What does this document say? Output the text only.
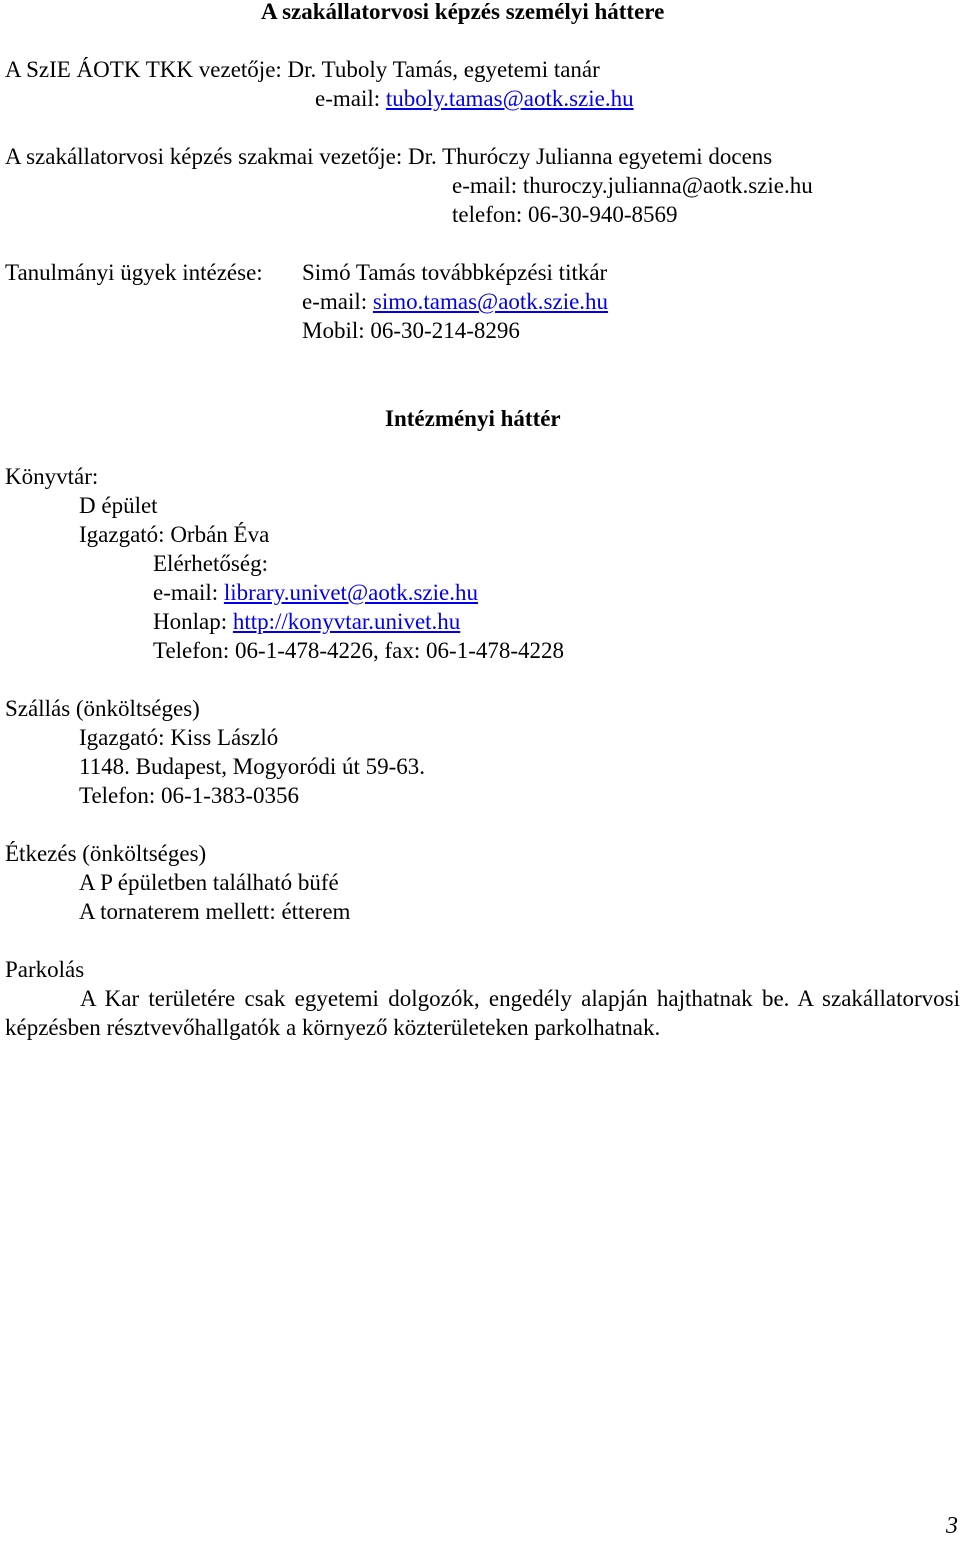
A szakállatorvosi képzés személyi háttere
A SzIE ÁOTK TKK vezetője: Dr. Tuboly Tamás, egyetemi tanár
e-mail: tuboly.tamas@aotk.szie.hu
A szakállatorvosi képzés szakmai vezetője: Dr. Thuróczy Julianna egyetemi docens
e-mail: thuroczy.julianna@aotk.szie.hu
telefon: 06-30-940-8569
Tanulmányi ügyek intézése: Simó Tamás továbbképzési titkár
e-mail: simo.tamas@aotk.szie.hu
Mobil: 06-30-214-8296
Intézményi háttér
Könyvtár:
D épület
Igazgató: Orbán Éva
Elérhetőség:
e-mail: library.univet@aotk.szie.hu
Honlap: http://konyvtar.univet.hu
Telefon: 06-1-478-4226, fax: 06-1-478-4228
Szállás (önköltséges)
Igazgató: Kiss László
1148. Budapest, Mogyoródi út 59-63.
Telefon: 06-1-383-0356
Étkezés (önköltséges)
A P épületben található büfé
A tornaterem mellett: étterem
Parkolás

A Kar területére csak egyetemi dolgozók, engedély alapján hajthatnak be. A szakállatorvosi képzésben résztvevőhallgatók a környező közterületeken parkolhatnak.

3
